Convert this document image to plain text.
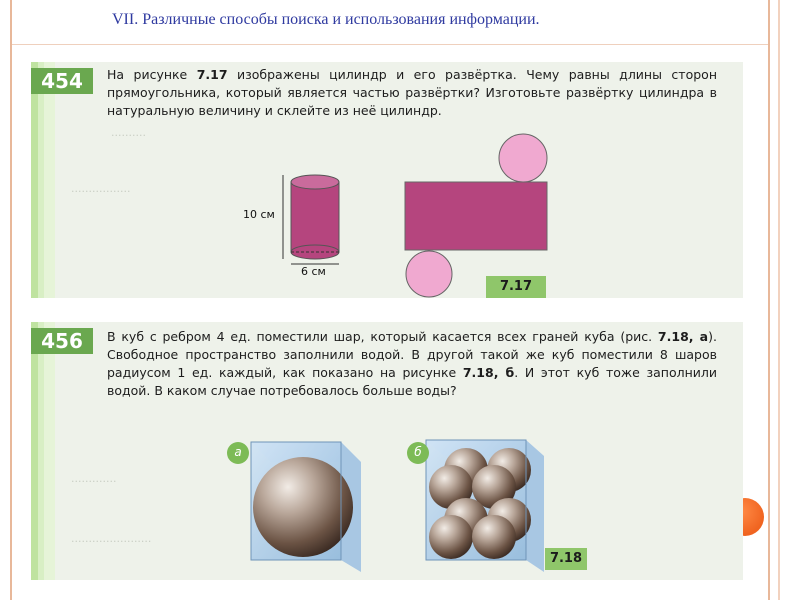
VII. Различные способы поиска и использования информации.
..........
.................
454	На рисунке 7.17 изображены цилиндр и его развёртка. Чему равны длины сторон прямоугольника, который является частью развёртки? Изготовьте развёртку цилиндра в натуральную величину и склейте из неё цилиндр.
10 см
6 см
7.17
.............
.......................
456	В куб с ребром 4 ед. поместили шар, который касается всех граней куба (рис. 7.18, а). Свободное пространство заполнили водой. В другой такой же куб поместили 8 шаров радиусом 1 ед. каждый, как показано на рисунке 7.18, б. И этот куб тоже заполнили водой. В каком случае потребовалось больше воды?
а	б
7.18
